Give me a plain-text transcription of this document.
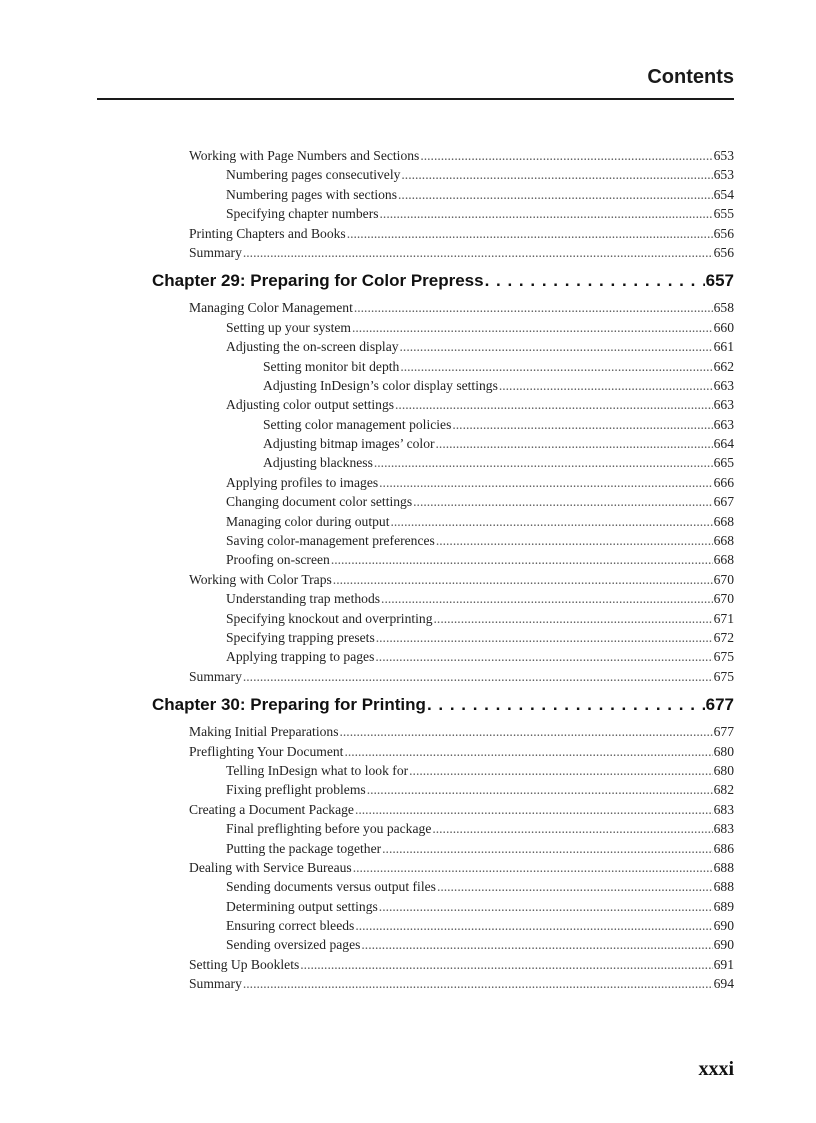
Contents
Working with Page Numbers and Sections .....	653
Numbering pages consecutively .....	653
Numbering pages with sections .....	654
Specifying chapter numbers .....	655
Printing Chapters and Books .....	656
Summary .....	656
Chapter 29: Preparing for Color Prepress . . .	657
Managing Color Management .....	658
Setting up your system .....	660
Adjusting the on-screen display .....	661
Setting monitor bit depth .....	662
Adjusting InDesign’s color display settings .....	663
Adjusting color output settings .....	663
Setting color management policies .....	663
Adjusting bitmap images’ color .....	664
Adjusting blackness .....	665
Applying profiles to images .....	666
Changing document color settings .....	667
Managing color during output .....	668
Saving color-management preferences .....	668
Proofing on-screen .....	668
Working with Color Traps .....	670
Understanding trap methods .....	670
Specifying knockout and overprinting .....	671
Specifying trapping presets .....	672
Applying trapping to pages .....	675
Summary .....	675
Chapter 30: Preparing for Printing . . .	677
Making Initial Preparations .....	677
Preflighting Your Document .....	680
Telling InDesign what to look for .....	680
Fixing preflight problems .....	682
Creating a Document Package .....	683
Final preflighting before you package .....	683
Putting the package together .....	686
Dealing with Service Bureaus .....	688
Sending documents versus output files .....	688
Determining output settings .....	689
Ensuring correct bleeds .....	690
Sending oversized pages .....	690
Setting Up Booklets .....	691
Summary .....	694
xxxi
